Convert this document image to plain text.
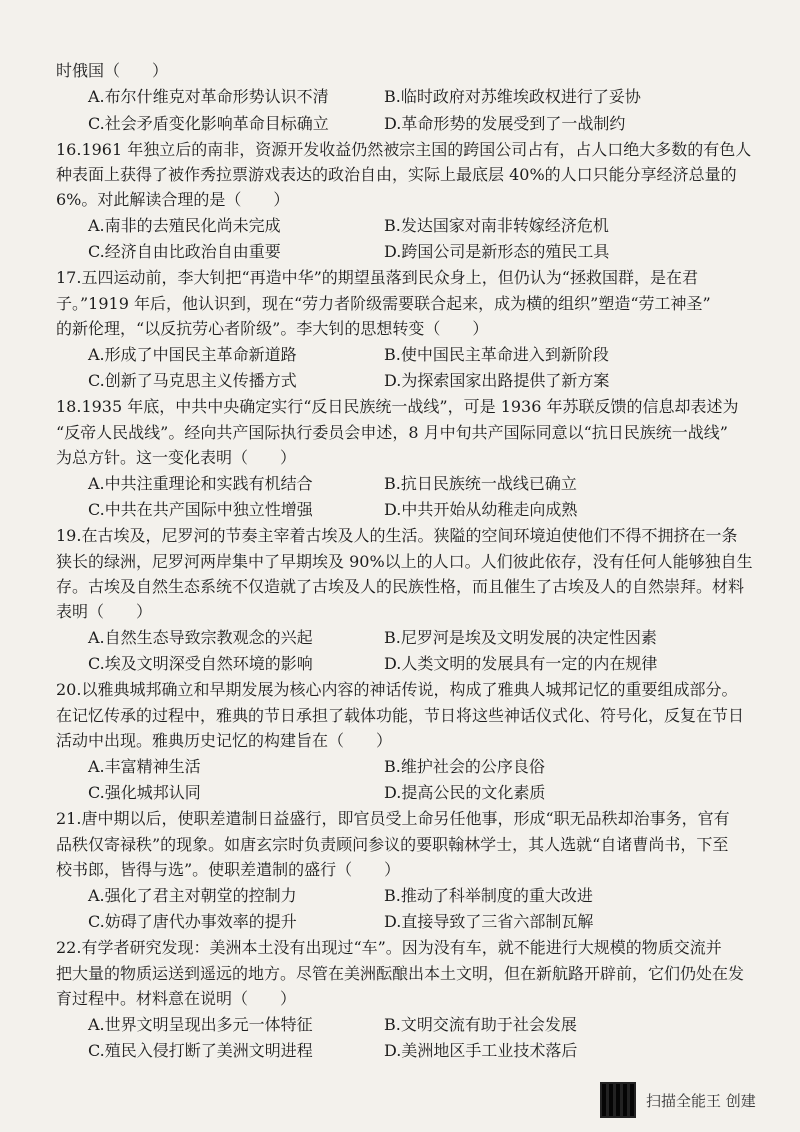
时俄国（　　）
A.布尔什维克对革命形势认识不清	B.临时政府对苏维埃政权进行了妥协
C.社会矛盾变化影响革命目标确立	D.革命形势的发展受到了一战制约
16.1961 年独立后的南非，资源开发收益仍然被宗主国的跨国公司占有，占人口绝大多数的有色人
种表面上获得了被作秀拉票游戏表达的政治自由，实际上最底层 40%的人口只能分享经济总量的
6%。对此解读合理的是（　　）
A.南非的去殖民化尚未完成	B.发达国家对南非转嫁经济危机
C.经济自由比政治自由重要	D.跨国公司是新形态的殖民工具
17.五四运动前，李大钊把“再造中华”的期望虽落到民众身上，但仍认为“拯救国群，是在君
子。”1919 年后，他认识到，现在“劳力者阶级需要联合起来，成为横的组织”塑造“劳工神圣”
的新伦理，“以反抗劳心者阶级”。李大钊的思想转变（　　）
A.形成了中国民主革命新道路	B.使中国民主革命进入到新阶段
C.创新了马克思主义传播方式	D.为探索国家出路提供了新方案
18.1935 年底，中共中央确定实行“反日民族统一战线”，可是 1936 年苏联反馈的信息却表述为
“反帝人民战线”。经向共产国际执行委员会申述，8 月中旬共产国际同意以“抗日民族统一战线”
为总方针。这一变化表明（　　）
A.中共注重理论和实践有机结合	B.抗日民族统一战线已确立
C.中共在共产国际中独立性增强	D.中共开始从幼稚走向成熟
19.在古埃及，尼罗河的节奏主宰着古埃及人的生活。狭隘的空间环境迫使他们不得不拥挤在一条
狭长的绿洲，尼罗河两岸集中了早期埃及 90%以上的人口。人们彼此依存，没有任何人能够独自生
存。古埃及自然生态系统不仅造就了古埃及人的民族性格，而且催生了古埃及人的自然崇拜。材料
表明（　　）
A.自然生态导致宗教观念的兴起	B.尼罗河是埃及文明发展的决定性因素
C.埃及文明深受自然环境的影响	D.人类文明的发展具有一定的内在规律
20.以雅典城邦确立和早期发展为核心内容的神话传说，构成了雅典人城邦记忆的重要组成部分。
在记忆传承的过程中，雅典的节日承担了载体功能，节日将这些神话仪式化、符号化，反复在节日
活动中出现。雅典历史记忆的构建旨在（　　）
A.丰富精神生活	B.维护社会的公序良俗
C.强化城邦认同	D.提高公民的文化素质
21.唐中期以后，使职差遣制日益盛行，即官员受上命另任他事，形成“职无品秩却治事务，官有
品秩仅寄禄秩”的现象。如唐玄宗时负责顾问参议的要职翰林学士，其人选就“自诸曹尚书，下至
校书郎，皆得与选”。使职差遣制的盛行（　　）
A.强化了君主对朝堂的控制力	B.推动了科举制度的重大改进
C.妨碍了唐代办事效率的提升	D.直接导致了三省六部制瓦解
22.有学者研究发现：美洲本土没有出现过“车”。因为没有车，就不能进行大规模的物质交流并
把大量的物质运送到遥远的地方。尽管在美洲酝酿出本土文明，但在新航路开辟前，它们仍处在发
育过程中。材料意在说明（　　）
A.世界文明呈现出多元一体特征	B.文明交流有助于社会发展
C.殖民入侵打断了美洲文明进程	D.美洲地区手工业技术落后
扫描全能王 创建
